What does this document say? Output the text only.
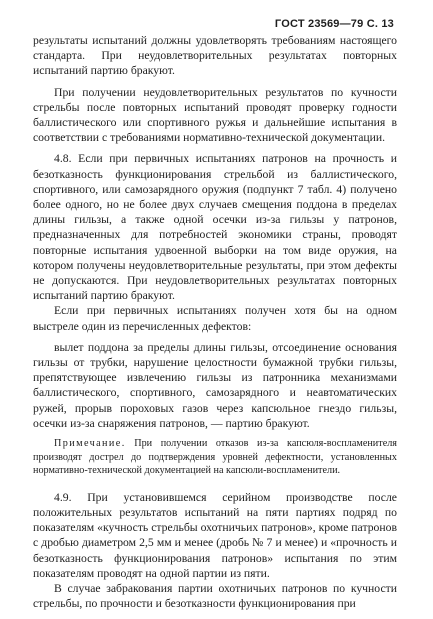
ГОСТ 23569—79 С. 13

результаты испытаний должны удовлетворять требованиям настоящего стандарта. При неудовлетворительных результатах повторных испытаний партию бракуют.

При получении неудовлетворительных результатов по кучности стрельбы после повторных испытаний проводят проверку годности баллистического или спортивного ружья и дальнейшие испытания в соответствии с требованиями нормативно-технической документации.

4.8. Если при первичных испытаниях патронов на прочность и безотказность функционирования стрельбой из баллистического, спортивного, или самозарядного оружия (подпункт 7 табл. 4) получено более одного, но не более двух случаев смещения поддона в пределах длины гильзы, а также одной осечки из-за гильзы у патронов, предназначенных для потребностей экономики страны, проводят повторные испытания удвоенной выборки на том виде оружия, на котором получены неудовлетворительные результаты, при этом дефекты не допускаются. При неудовлетворительных результатах повторных испытаний партию бракуют.

Если при первичных испытаниях получен хотя бы на одном выстреле один из перечисленных дефектов:

вылет поддона за пределы длины гильзы, отсоединение основания гильзы от трубки, нарушение целостности бумажной трубки гильзы, препятствующее извлечению гильзы из патронника механизмами баллистического, спортивного, самозарядного и неавтоматических ружей, прорыв пороховых газов через капсюльное гнездо гильзы, осечки из-за снаряжения патронов, — партию бракуют.

Примечание. При получении отказов из-за капсюля-воспламенителя производят дострел до подтверждения уровней дефектности, установленных нормативно-технической документацией на капсюли-воспламенители.

4.9. При установившемся серийном производстве после положительных результатов испытаний на пяти партиях подряд по показателям «кучность стрельбы охотничьих патронов», кроме патронов с дробью диаметром 2,5 мм и менее (дробь № 7 и менее) и «прочность и безотказность функционирования патронов» испытания по этим показателям проводят на одной партии из пяти.

В случае забракования партии охотничьих патронов по кучности стрельбы, по прочности и безотказности функционирования при
